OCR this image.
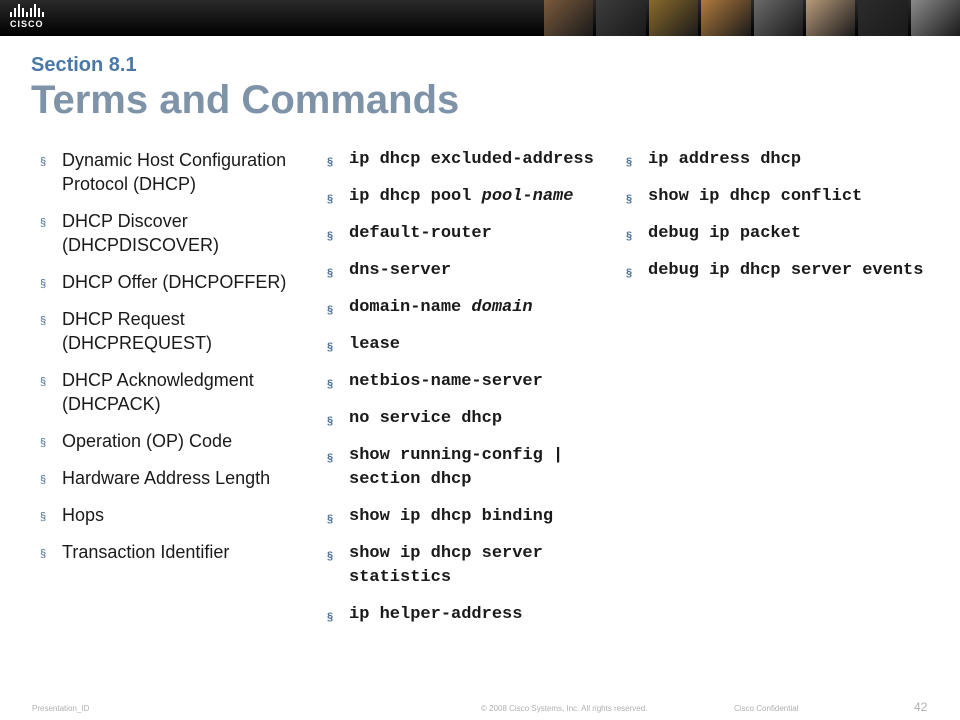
CISCO

Section 8.1

Terms and Commands

§ Dynamic Host Configuration Protocol (DHCP)
§ DHCP Discover (DHCPDISCOVER)
§ DHCP Offer (DHCPOFFER)
§ DHCP Request (DHCPREQUEST)
§ DHCP Acknowledgment (DHCPACK)
§ Operation (OP) Code
§ Hardware Address Length
§ Hops
§ Transaction Identifier
§ ip dhcp excluded-address
§ ip dhcp pool pool-name
§ default-router
§ dns-server
§ domain-name domain
§ lease
§ netbios-name-server
§ no service dhcp
§ show running-config | section dhcp
§ show ip dhcp binding
§ show ip dhcp server statistics
§ ip helper-address
§ ip address dhcp
§ show ip dhcp conflict
§ debug ip packet
§ debug ip dhcp server events
Presentation_ID	© 2008 Cisco Systems, Inc. All rights reserved.	Cisco Confidential	42
